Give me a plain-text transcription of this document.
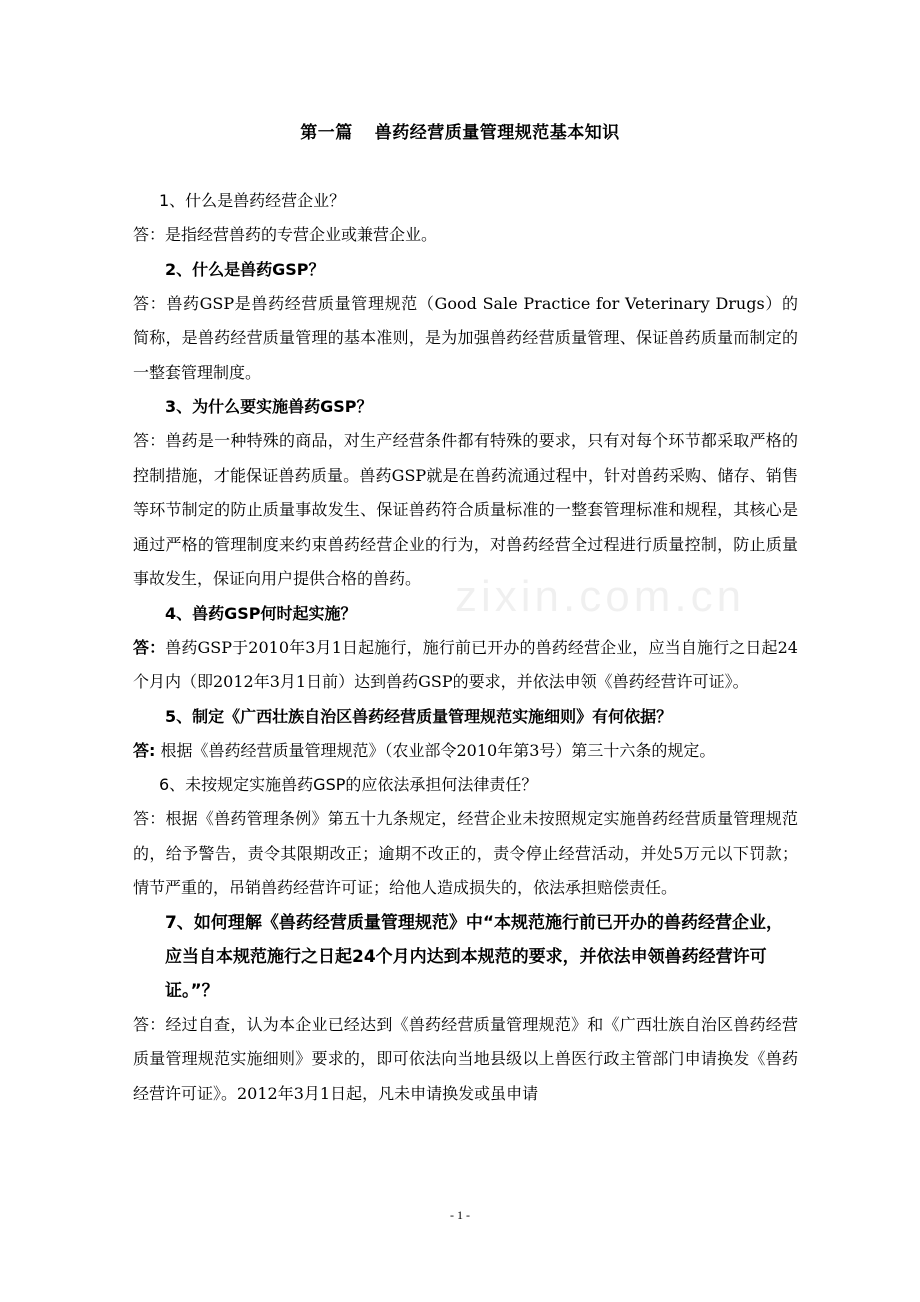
第一篇 兽药经营质量管理规范基本知识
zixin.com.cn

1、什么是兽药经营企业？

答：是指经营兽药的专营企业或兼营企业。

2、什么是兽药GSP？

答：兽药GSP是兽药经营质量管理规范（Good Sale Practice for Veterinary Drugs）的简称，是兽药经营质量管理的基本准则，是为加强兽药经营质量管理、保证兽药质量而制定的一整套管理制度。

3、为什么要实施兽药GSP？

答：兽药是一种特殊的商品，对生产经营条件都有特殊的要求，只有对每个环节都采取严格的控制措施，才能保证兽药质量。兽药GSP就是在兽药流通过程中，针对兽药采购、储存、销售等环节制定的防止质量事故发生、保证兽药符合质量标准的一整套管理标准和规程，其核心是通过严格的管理制度来约束兽药经营企业的行为，对兽药经营全过程进行质量控制，防止质量事故发生，保证向用户提供合格的兽药。

4、兽药GSP何时起实施？

答：兽药GSP于2010年3月1日起施行，施行前已开办的兽药经营企业，应当自施行之日起24个月内（即2012年3月1日前）达到兽药GSP的要求，并依法申领《兽药经营许可证》。

5、制定《广西壮族自治区兽药经营质量管理规范实施细则》有何依据？

答: 根据《兽药经营质量管理规范》（农业部令2010年第3号）第三十六条的规定。

6、未按规定实施兽药GSP的应依法承担何法律责任？

答：根据《兽药管理条例》第五十九条规定，经营企业未按照规定实施兽药经营质量管理规范的，给予警告，责令其限期改正；逾期不改正的，责令停止经营活动，并处5万元以下罚款；情节严重的，吊销兽药经营许可证；给他人造成损失的，依法承担赔偿责任。

7、如何理解《兽药经营质量管理规范》中“本规范施行前已开办的兽药经营企业，应当自本规范施行之日起24个月内达到本规范的要求，并依法申领兽药经营许可证。”？

答：经过自查，认为本企业已经达到《兽药经营质量管理规范》和《广西壮族自治区兽药经营质量管理规范实施细则》要求的，即可依法向当地县级以上兽医行政主管部门申请换发《兽药经营许可证》。2012年3月1日起，凡未申请换发或虽申请

- 1 -
